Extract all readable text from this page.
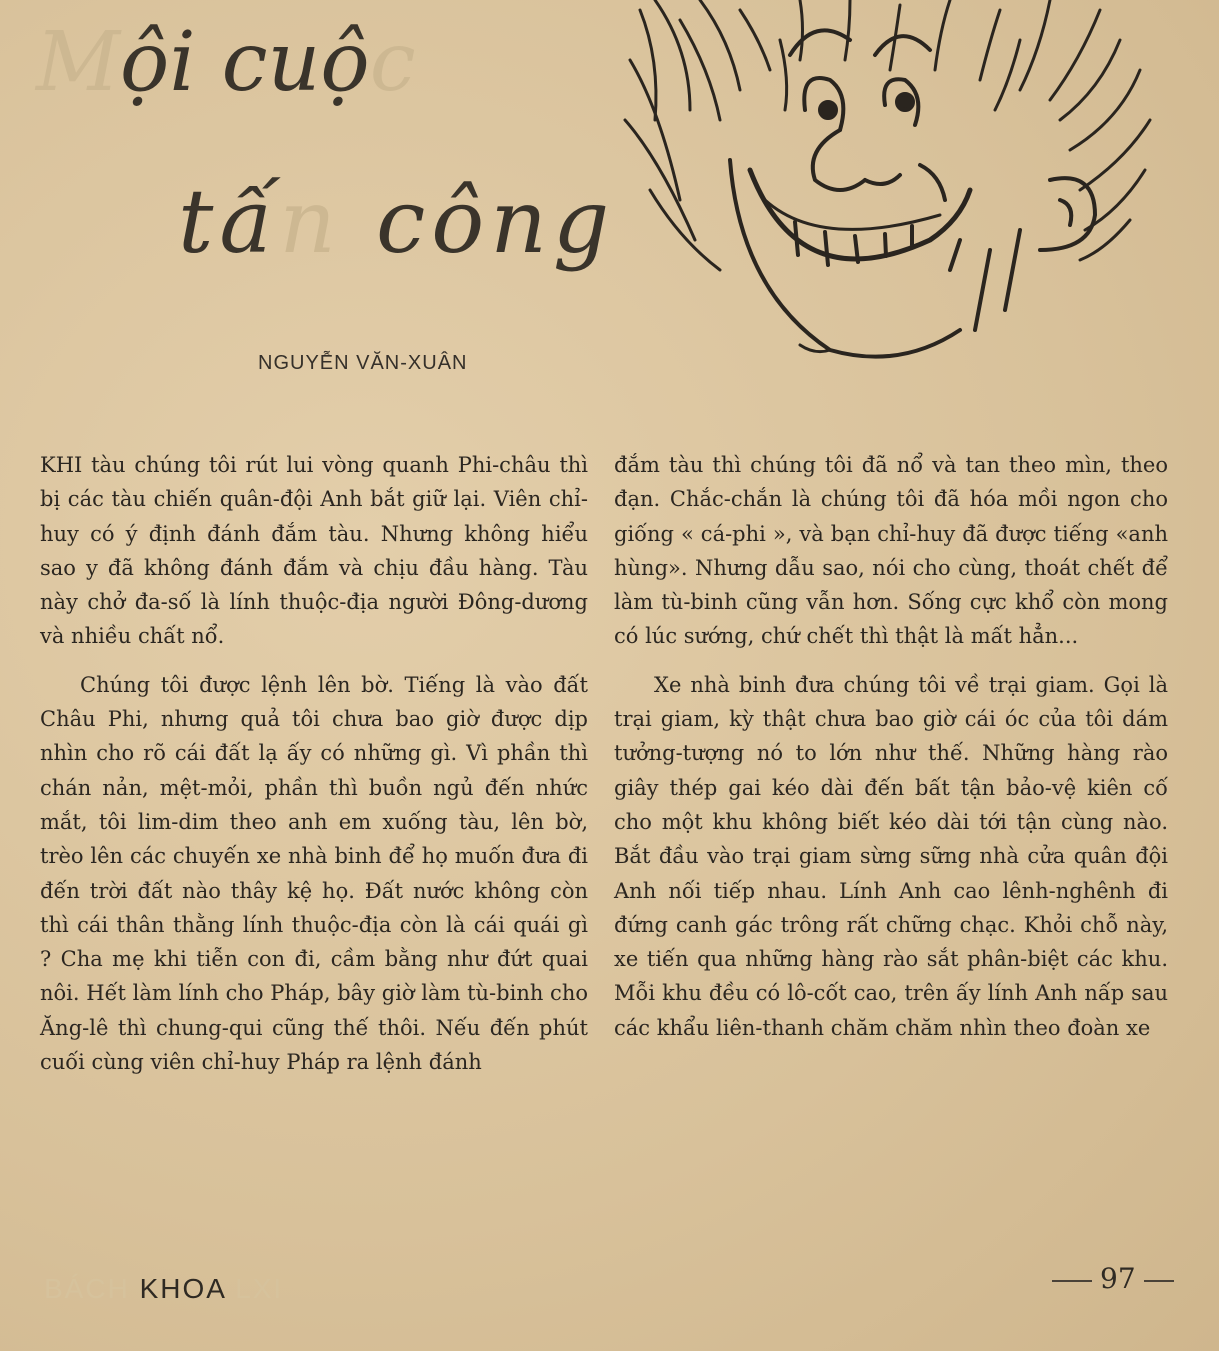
Mội cuộc
tấn công
NGUYỄN VĂN-XUÂN

KHI tàu chúng tôi rút lui vòng quanh Phi-châu thì bị các tàu chiến quân-đội Anh bắt giữ lại. Viên chỉ-huy có ý định đánh đắm tàu. Nhưng không hiểu sao y đã không đánh đắm và chịu đầu hàng. Tàu này chở đa-số là lính thuộc-địa người Đông-dương và nhiều chất nổ.

Chúng tôi được lệnh lên bờ. Tiếng là vào đất Châu Phi, nhưng quả tôi chưa bao giờ được dịp nhìn cho rõ cái đất lạ ấy có những gì. Vì phần thì chán nản, mệt-mỏi, phần thì buồn ngủ đến nhức mắt, tôi lim-dim theo anh em xuống tàu, lên bờ, trèo lên các chuyến xe nhà binh để họ muốn đưa đi đến trời đất nào thây kệ họ. Đất nước không còn thì cái thân thằng lính thuộc-địa còn là cái quái gì ? Cha mẹ khi tiễn con đi, cầm bằng như đứt quai nôi. Hết làm lính cho Pháp, bây giờ làm tù-binh cho Ăng-lê thì chung-qui cũng thế thôi. Nếu đến phút cuối cùng viên chỉ-huy Pháp ra lệnh đánh

đắm tàu thì chúng tôi đã nổ và tan theo mìn, theo đạn. Chắc-chắn là chúng tôi đã hóa mồi ngon cho giống « cá-phi », và bạn chỉ-huy đã được tiếng «anh hùng». Nhưng dẫu sao, nói cho cùng, thoát chết để làm tù-binh cũng vẫn hơn. Sống cực khổ còn mong có lúc sướng, chứ chết thì thật là mất hẳn...

Xe nhà binh đưa chúng tôi về trại giam. Gọi là trại giam, kỳ thật chưa bao giờ cái óc của tôi dám tưởng-tượng nó to lớn như thế. Những hàng rào giây thép gai kéo dài đến bất tận bảo-vệ kiên cố cho một khu không biết kéo dài tới tận cùng nào. Bắt đầu vào trại giam sừng sững nhà cửa quân đội Anh nối tiếp nhau. Lính Anh cao lênh-nghênh đi đứng canh gác trông rất chững chạc. Khỏi chỗ này, xe tiến qua những hàng rào sắt phân-biệt các khu. Mỗi khu đều có lô-cốt cao, trên ấy lính Anh nấp sau các khẩu liên-thanh chăm chăm nhìn theo đoàn xe

BÁCH KHOA LXI	97
